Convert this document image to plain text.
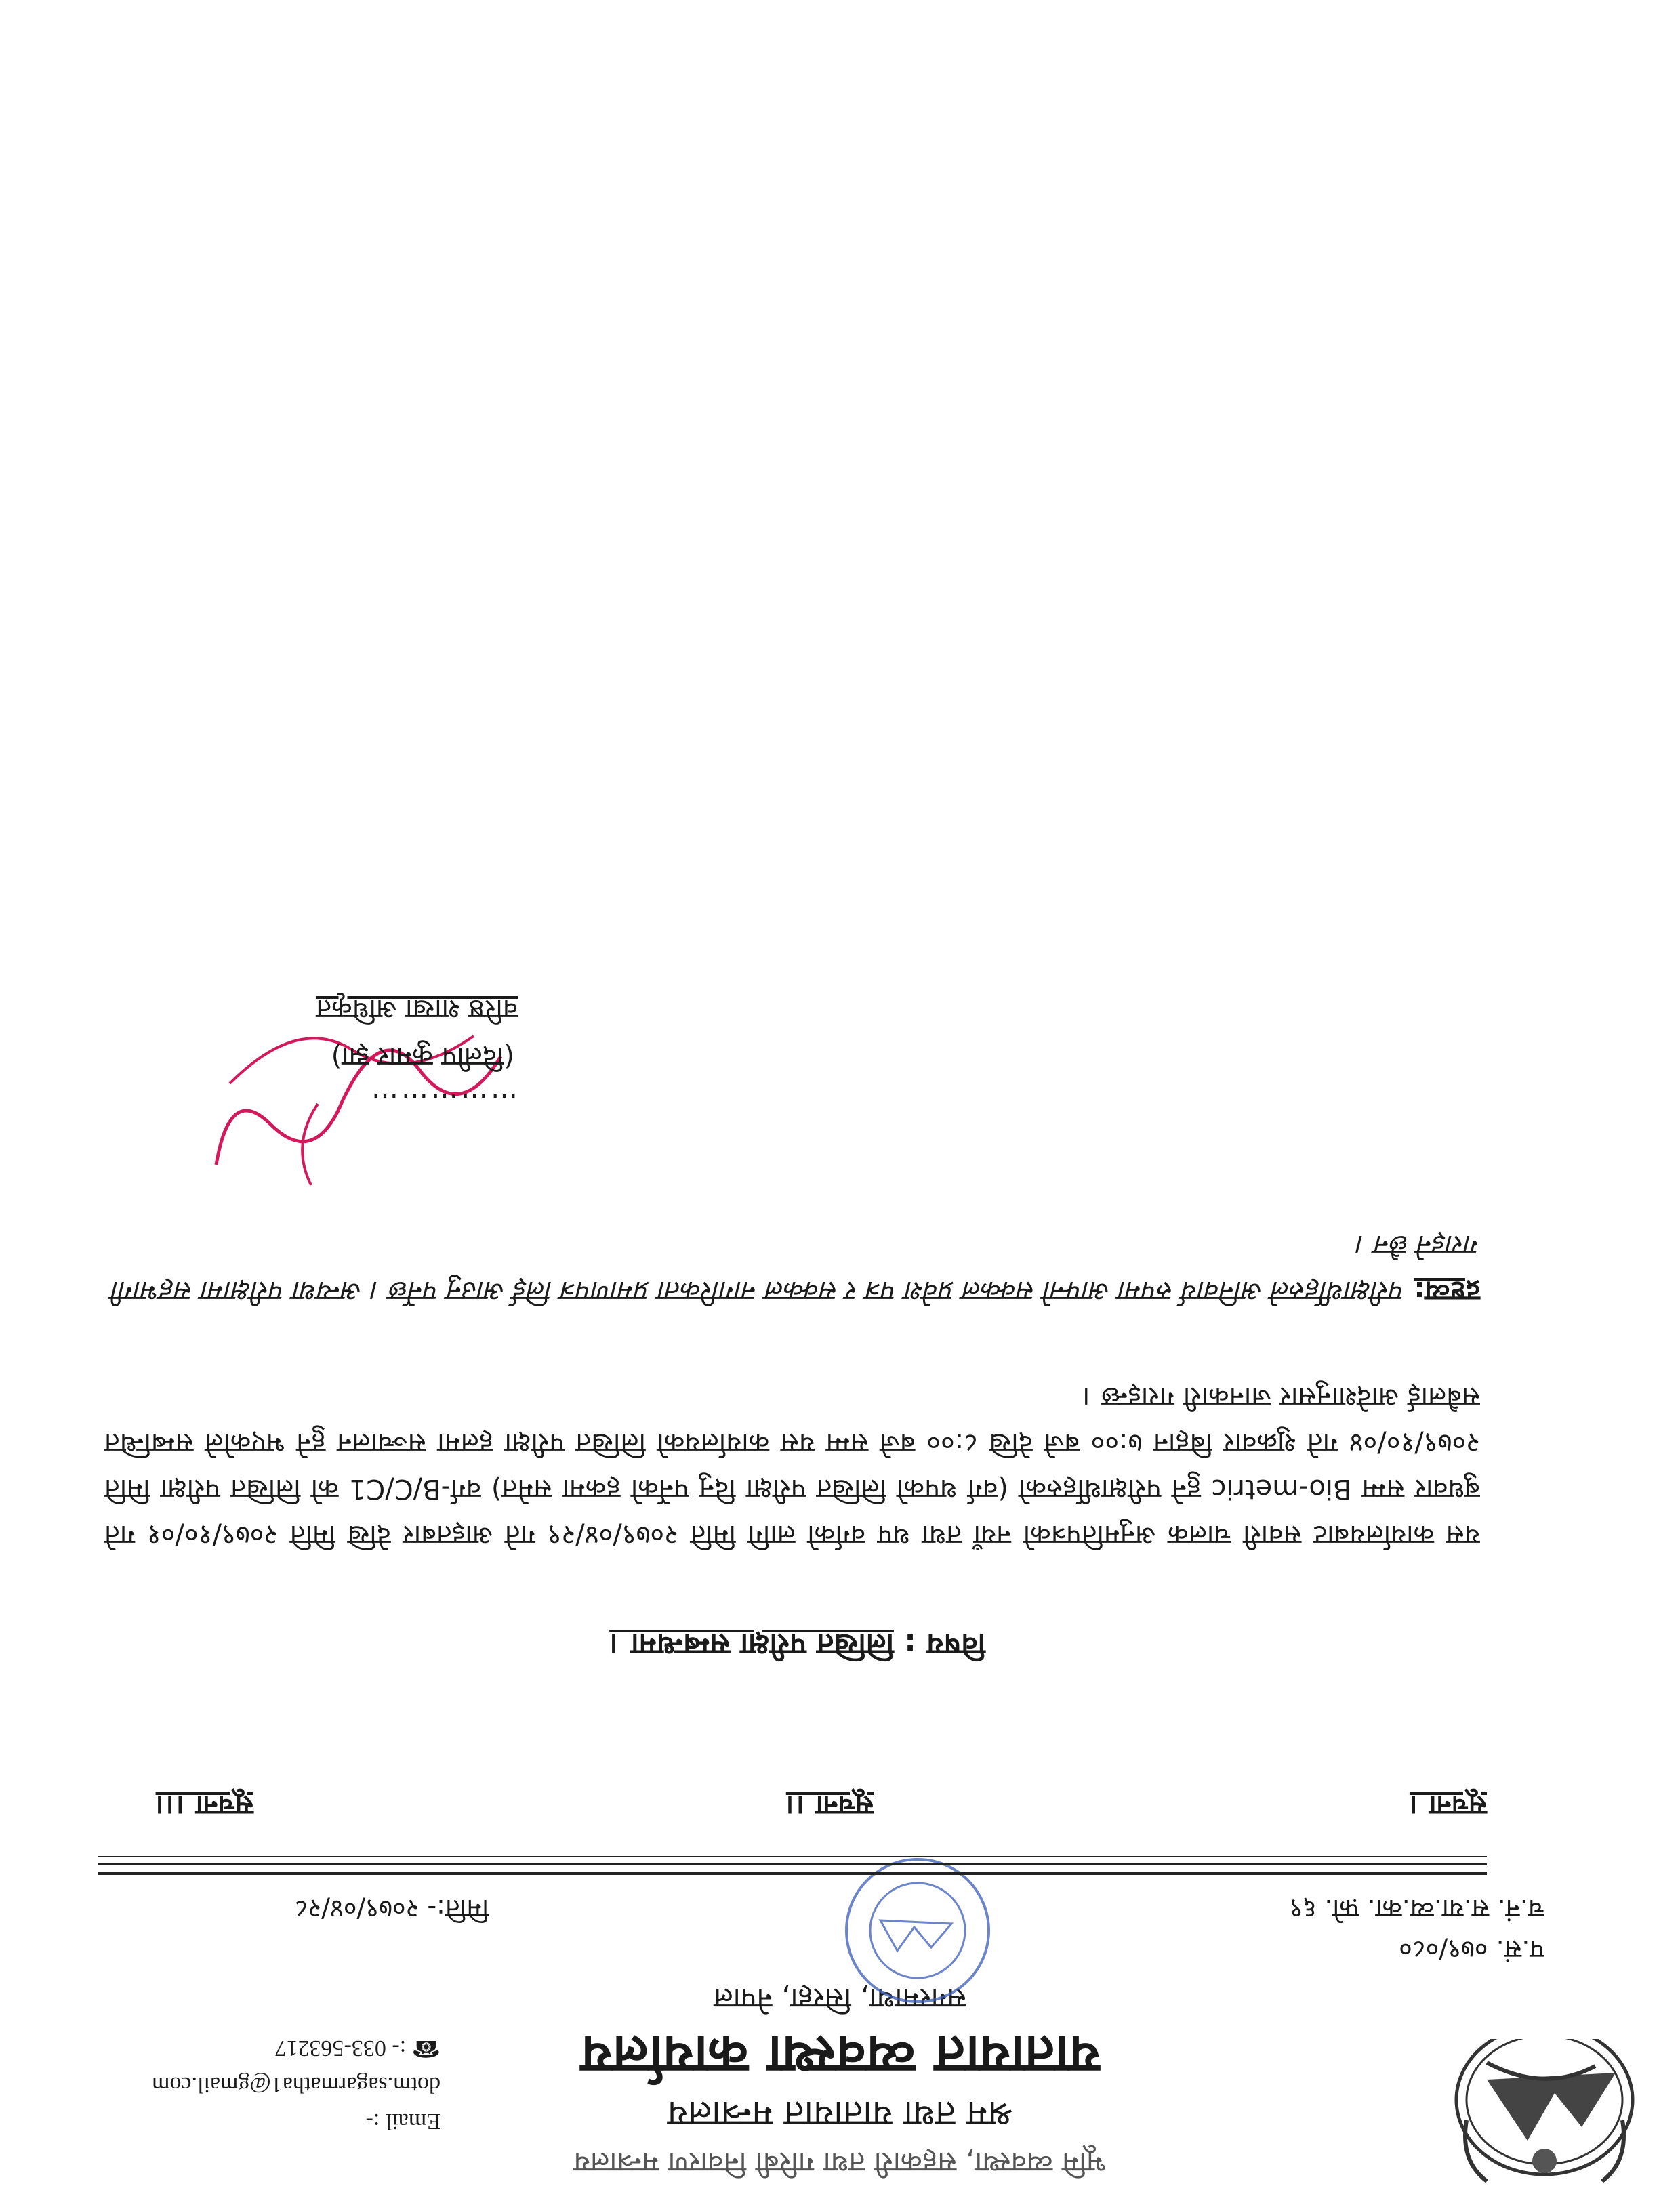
भूमि व्यवस्था, सहकारी तथा गरिबी निवारण मन्त्रालय
श्रम तथा यातायात मन्त्रालय
यातायात व्यवस्था कार्यालय
सगरमाथा, सिरहा, नेपाल
Email :-
dotm.sagarmatha1@gmail.com
☎ :- 033-563217
प.सं. ०७९/०८०
च.नं. स.या.व्य.का. फ़ो. ६९
मिति:- २०७९/०४/२८
सूचना ।
सूचना ।।
सूचना ।।।
विषय : लिखित परीक्षा सम्बन्धमा ।
यस कार्यालयबाट सवारी चालक अनुमतिपत्रको नयाँ तथा थप वर्गको लागि मिति २०७९/०४/२९ गते आइतबार देखि मिति २०७९/१०/०१ गते बुधवार सम्म Bio-metric हुने परीक्षार्थीहरुको (वर्ग थपको लिखित परीक्षा दिनु पर्नेको हकमा समेत) वर्ग-B/C/C1 को लिखित परीक्षा मिति २०७९/१०/०४ गते शुक्रवार बिहान ७:०० बजे देखि ८:०० बजे सम्म यस कार्यालयको लिखित परीक्षा हलमा सञ्चालन हुने भएकोले सम्बन्धित सबैलाई आदेशानुसार जानकारी गराइन्छ ।
द्रष्टव्य: परीक्षार्थीहरुले अनिवार्य रुपमा आफ्नो सक्कल प्रवेश पत्र र सक्कल नागरिकता प्रमाणपत्र लिई आउनु पर्नेछ । अन्यथा परीक्षामा सहभागी गराइने छैन ।
……………
(दिलीप कुमार झा)
वरिष्ठ शाखा अधिकृत
